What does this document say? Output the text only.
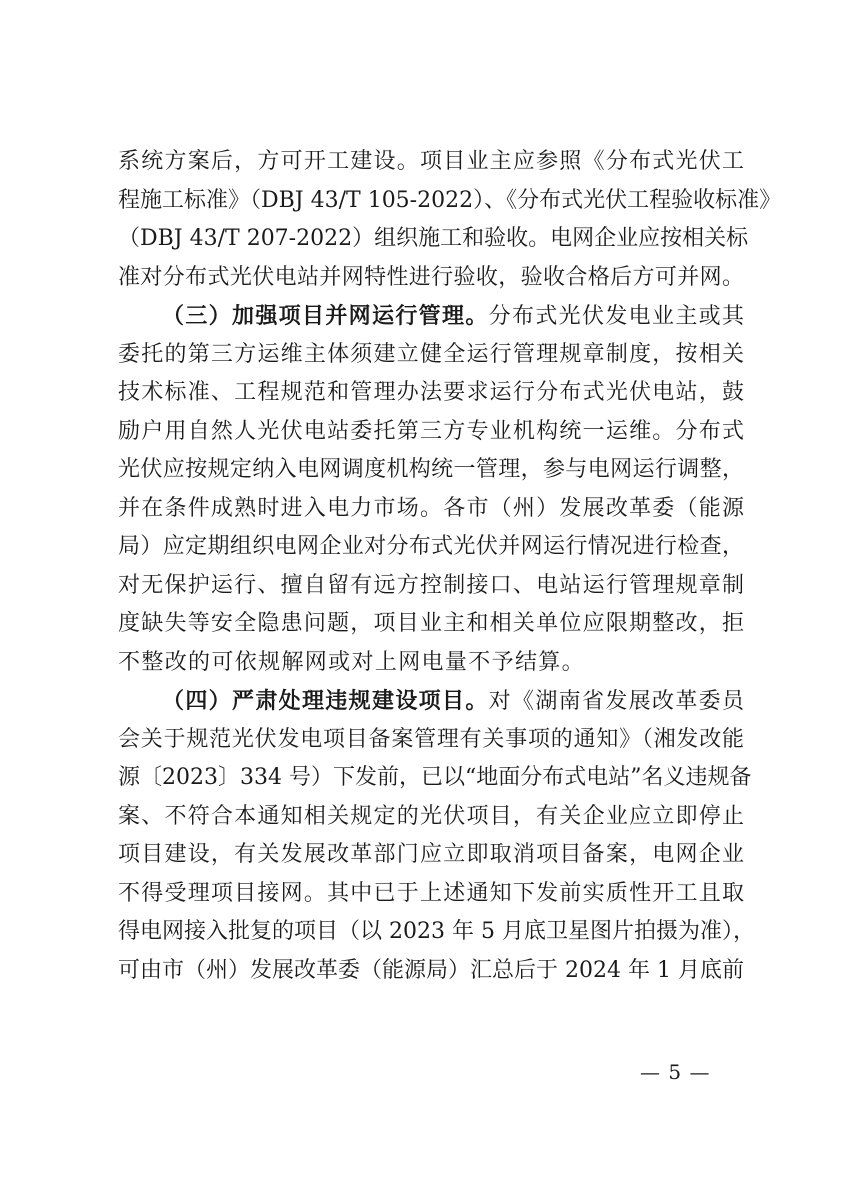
系统方案后，方可开工建设。项目业主应参照《分布式光伏工
程施工标准》（DBJ 43/T 105-2022）、《分布式光伏工程验收标准》
（DBJ 43/T 207-2022）组织施工和验收。电网企业应按相关标
准对分布式光伏电站并网特性进行验收，验收合格后方可并网。
（三）加强项目并网运行管理。分布式光伏发电业主或其
委托的第三方运维主体须建立健全运行管理规章制度，按相关
技术标准、工程规范和管理办法要求运行分布式光伏电站，鼓
励户用自然人光伏电站委托第三方专业机构统一运维。分布式
光伏应按规定纳入电网调度机构统一管理，参与电网运行调整，
并在条件成熟时进入电力市场。各市（州）发展改革委（能源
局）应定期组织电网企业对分布式光伏并网运行情况进行检查，
对无保护运行、擅自留有远方控制接口、电站运行管理规章制
度缺失等安全隐患问题，项目业主和相关单位应限期整改，拒
不整改的可依规解网或对上网电量不予结算。
（四）严肃处理违规建设项目。对《湖南省发展改革委员
会关于规范光伏发电项目备案管理有关事项的通知》（湘发改能
源〔2023〕334 号）下发前，已以“地面分布式电站”名义违规备
案、不符合本通知相关规定的光伏项目，有关企业应立即停止
项目建设，有关发展改革部门应立即取消项目备案，电网企业
不得受理项目接网。其中已于上述通知下发前实质性开工且取
得电网接入批复的项目（以 2023 年 5 月底卫星图片拍摄为准），
可由市（州）发展改革委（能源局）汇总后于 2024 年 1 月底前
— 5 —
